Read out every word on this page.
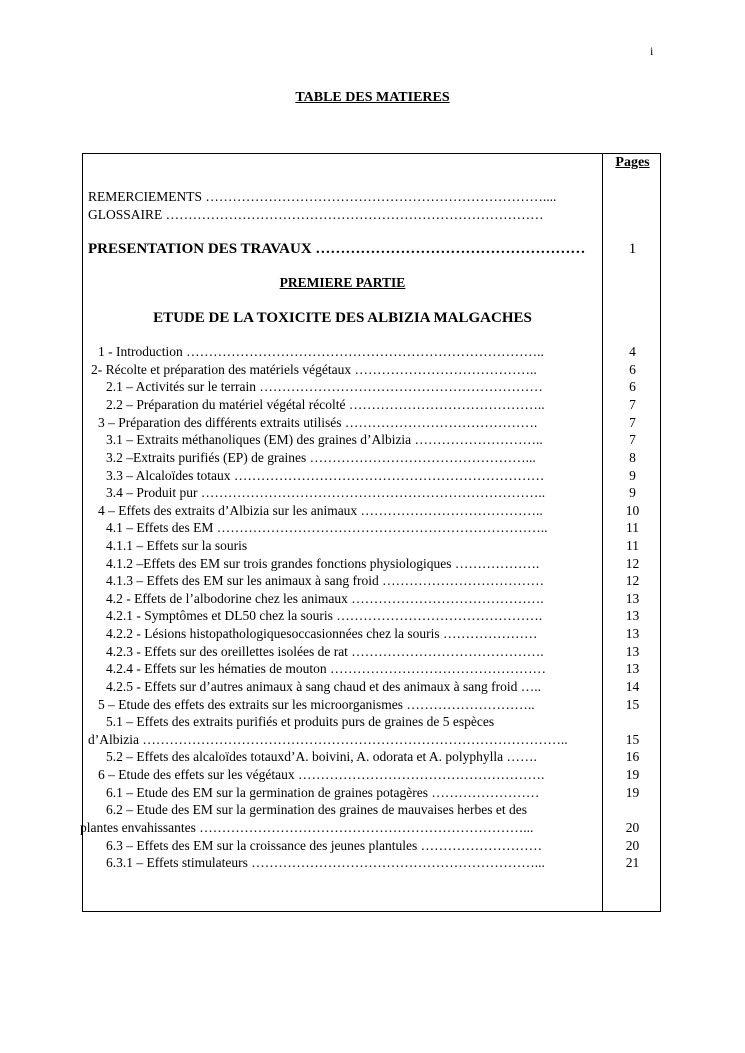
i
TABLE DES MATIERES
Pages
REMERCIEMENTS …………………………………………………………………....
GLOSSAIRE …………………………………………………………………………
PRESENTATION DES TRAVAUX ………………………………………………	1
PREMIERE PARTIE
ETUDE DE LA TOXICITE DES ALBIZIA MALGACHES
1 - Introduction ……………………………………………………………………..	4
2- Récolte et préparation des matériels végétaux …………………………………..	6
2.1 – Activités sur le terrain ………………………………………………………	6
2.2 – Préparation du matériel végétal récolté ……………………………………..	7
3 – Préparation des différents extraits utilisés …………………………………….	7
3.1 – Extraits méthanoliques (EM) des graines d’Albizia ………………………..	7
3.2 –Extraits purifiés (EP) de graines …………………………………………...	8
3.3 – Alcaloïdes totaux ……………………………………………………………	9
3.4 – Produit pur …………………………………………………………………..	9
4 – Effets des extraits d’Albizia sur les animaux …………………………………..	10
4.1 – Effets des EM ………………………………………………………………..	11
4.1.1 – Effets sur la souris	11
4.1.2 –Effets des EM sur trois grandes fonctions physiologiques ……………….	12
4.1.3 – Effets des EM sur les animaux à sang froid ………………………………	12
4.2 - Effets de l’albodorine chez les animaux …………………………………….	13
4.2.1 - Symptômes et DL50 chez la souris ……………………………………….	13
4.2.2 - Lésions histopathologiquesoccasionnées chez la souris …………………	13
4.2.3 - Effets sur des oreillettes isolées de rat …………………………………….	13
4.2.4 - Effets sur les hématies de mouton …………………………………………	13
4.2.5 - Effets sur d’autres animaux à sang chaud et des animaux à sang froid …..	14
5 – Etude des effets des extraits sur les microorganismes ………………………..	15
5.1 – Effets des extraits purifiés et produits purs de graines de 5 espèces
d’Albizia …………………………………………………………………………………..	15
5.2 – Effets des alcaloïdes totauxd’A. boivini, A. odorata et A. polyphylla …….	16
6 – Etude des effets sur les végétaux ……………………………………………….	19
6.1 – Etude des EM sur la germination de graines potagères ……………………	19
6.2 – Etude des EM sur la germination des graines de mauvaises herbes et des
plantes envahissantes ………………………………………………………………...	20
6.3 – Effets des EM sur la croissance des jeunes plantules ………………………	20
6.3.1 – Effets stimulateurs ………………………………………………………...	21
